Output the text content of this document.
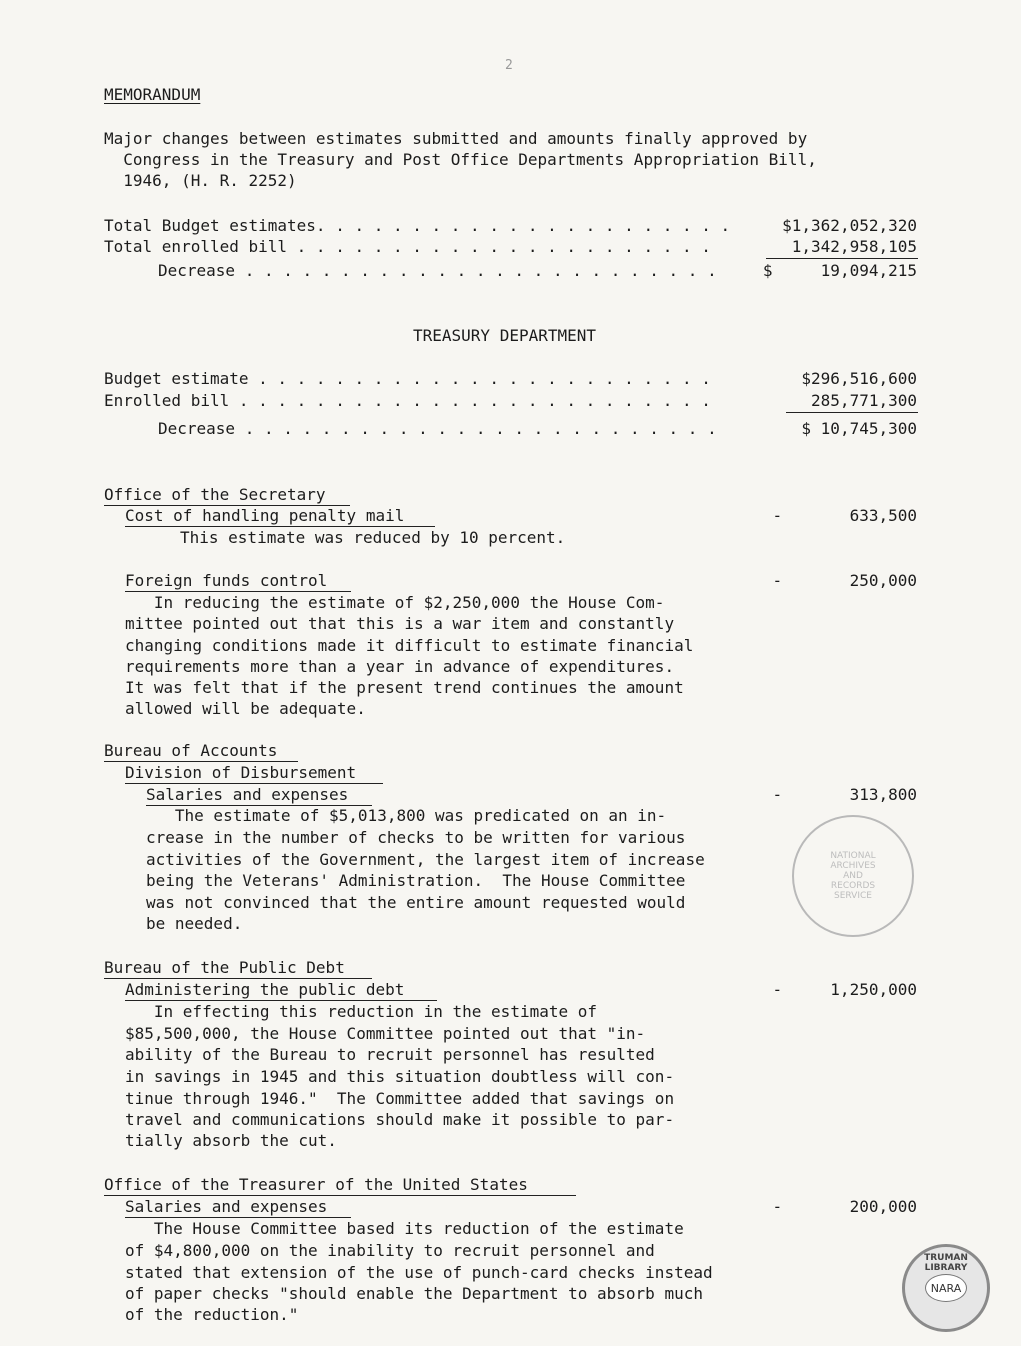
2
MEMORANDUM
Major changes between estimates submitted and amounts finally approved by
Congress in the Treasury and Post Office Departments Appropriation Bill,
1946, (H. R. 2252)
Total Budget estimates. . . . . . . . . . . . . . . . . . . . . .	$1,362,052,320
Total enrolled bill . . . . . . . . . . . . . . . . . . . . . .	1,342,958,105
Decrease . . . . . . . . . . . . . . . . . . . . . . . . .	$     19,094,215
TREASURY DEPARTMENT
Budget estimate . . . . . . . . . . . . . . . . . . . . . . . .	$296,516,600
Enrolled bill . . . . . . . . . . . . . . . . . . . . . . . . .	285,771,300
Decrease . . . . . . . . . . . . . . . . . . . . . . . . .	$ 10,745,300
Office of the Secretary
Cost of handling penalty mail	-       633,500
This estimate was reduced by 10 percent.
Foreign funds control	-       250,000
In reducing the estimate of $2,250,000 the House Com-
mittee pointed out that this is a war item and constantly
changing conditions made it difficult to estimate financial
requirements more than a year in advance of expenditures.
It was felt that if the present trend continues the amount
allowed will be adequate.
Bureau of Accounts
Division of Disbursement
Salaries and expenses	-       313,800
The estimate of $5,013,800 was predicated on an in-
crease in the number of checks to be written for various
activities of the Government, the largest item of increase
being the Veterans' Administration.  The House Committee
was not convinced that the entire amount requested would
be needed.
Bureau of the Public Debt
Administering the public debt	-     1,250,000
In effecting this reduction in the estimate of
$85,500,000, the House Committee pointed out that "in-
ability of the Bureau to recruit personnel has resulted
in savings in 1945 and this situation doubtless will con-
tinue through 1946."  The Committee added that savings on
travel and communications should make it possible to par-
tially absorb the cut.
Office of the Treasurer of the United States
Salaries and expenses	-       200,000
The House Committee based its reduction of the estimate
of $4,800,000 on the inability to recruit personnel and
stated that extension of the use of punch-card checks instead
of paper checks "should enable the Department to absorb much
of the reduction."
NATIONAL ARCHIVES AND RECORDS SERVICE
TRUMAN LIBRARY
NARA
